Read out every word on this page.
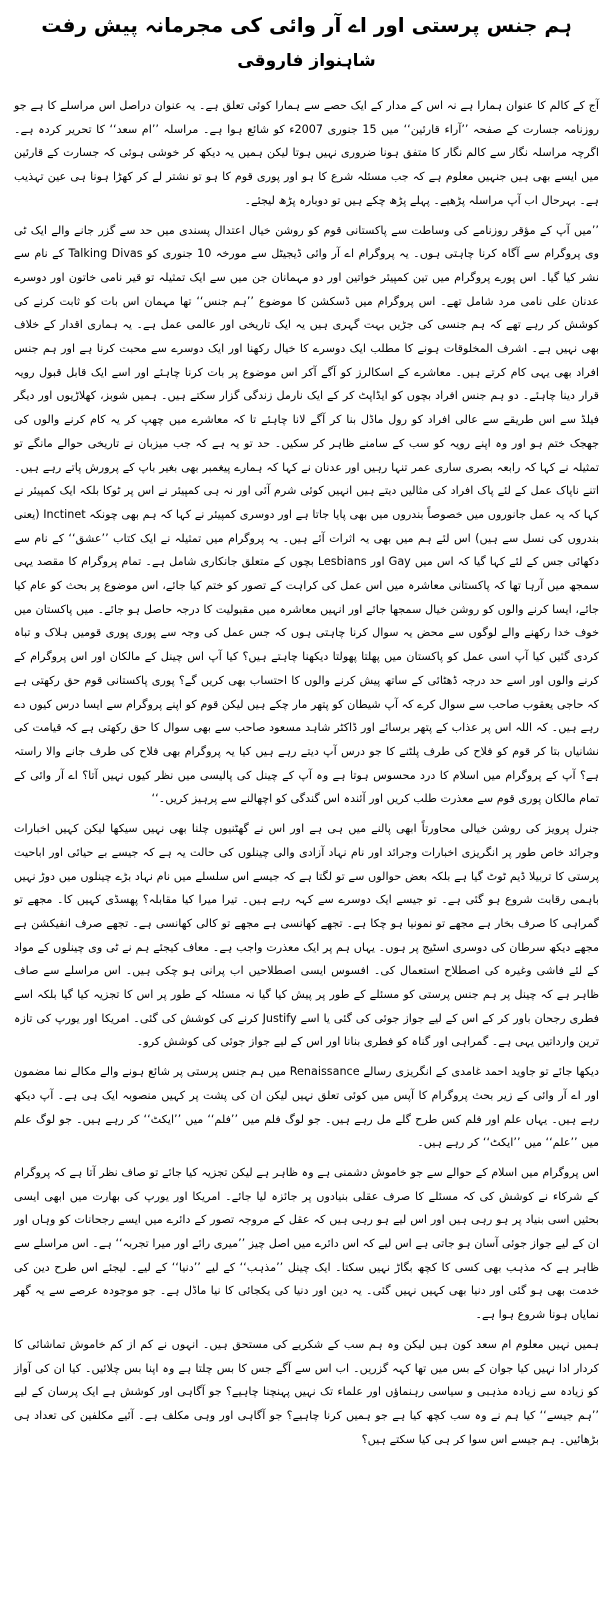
ہم جنس پرستی اور اے آر وائی کی مجرمانہ پیش رفت
شاہنواز فاروقی

آج کے کالم کا عنوان ہمارا ہے نہ اس کے مدار کے ایک حصے سے ہمارا کوئی تعلق ہے۔ یہ عنوان دراصل اس مراسلے کا ہے جو روزنامہ جسارت کے صفحہ ’’آراء قارئین‘‘ میں 15 جنوری 2007ء کو شائع ہوا ہے۔ مراسلہ ’’ام سعد‘‘ کا تحریر کردہ ہے۔ اگرچہ مراسلہ نگار سے کالم نگار کا متفق ہونا ضروری نہیں ہوتا لیکن ہمیں یہ دیکھ کر خوشی ہوئی کہ جسارت کے قارئین میں ایسے بھی ہیں جنہیں معلوم ہے کہ جب مسئلہ شرع کا ہو اور پوری قوم کا ہو تو نشتر لے کر کھڑا ہونا ہی عین تہذیب ہے۔ بہرحال اب آپ مراسلہ پڑھیے۔ پہلے پڑھ چکے ہیں تو دوبارہ پڑھ لیجئے۔

’’میں آپ کے مؤقر روزنامے کی وساطت سے پاکستانی قوم کو روشن خیال اعتدال پسندی میں حد سے گزر جانے والے ایک ٹی وی پروگرام سے آگاہ کرنا چاہتی ہوں۔ یہ پروگرام اے آر وائی ڈیجیٹل سے مورخہ 10 جنوری کو Talking Divas کے نام سے نشر کیا گیا۔ اس پورے پروگرام میں تین کمپیئر خواتین اور دو مہمانان جن میں سے ایک تمثیلہ تو قیر نامی خاتون اور دوسرے عدنان علی نامی مرد شامل تھے۔ اس پروگرام میں ڈسکشن کا موضوع ’’ہم جنس‘‘ تھا مہمان اس بات کو ثابت کرنے کی کوشش کر رہے تھے کہ ہم جنسی کی جڑیں بہت گہری ہیں یہ ایک تاریخی اور عالمی عمل ہے۔ یہ ہماری اقدار کے خلاف بھی نہیں ہے۔ اشرف المخلوقات ہونے کا مطلب ایک دوسرے کا خیال رکھنا اور ایک دوسرے سے محبت کرنا ہے اور ہم جنس افراد بھی یہی کام کرتے ہیں۔ معاشرے کے اسکالرز کو آگے آکر اس موضوع پر بات کرنا چاہئے اور اسے ایک قابل قبول رویہ قرار دینا چاہئے۔ دو ہم جنس افراد بچوں کو ایڈاپٹ کر کے ایک نارمل زندگی گزار سکتے ہیں۔ ہمیں شوبز، کھلاڑیوں اور دیگر فیلڈ سے اس طریقے سے عالی افراد کو رول ماڈل بنا کر آگے لانا چاہئے تا کہ معاشرے میں چھپ کر یہ کام کرنے والوں کی جھجک ختم ہو اور وہ اپنے رویہ کو سب کے سامنے ظاہر کر سکیں۔ حد تو یہ ہے کہ جب میزبان نے تاریخی حوالے مانگے تو تمثیلہ نے کہا کہ رابعہ بصری ساری عمر تنہا رہیں اور عدنان نے کہا کہ ہمارے پیغمبر بھی بغیر باپ کے پرورش پاتے رہے ہیں۔ اتنے ناپاک عمل کے لئے پاک افراد کی مثالیں دیتے ہیں انہیں کوئی شرم آئی اور نہ ہی کمپیئر نے اس پر ٹوکا بلکہ ایک کمپیئر نے کہا کہ یہ عمل جانوروں میں خصوصاً بندروں میں بھی پایا جاتا ہے اور دوسری کمپیئر نے کہا کہ ہم بھی چونکہ Inctinet (یعنی بندروں کی نسل سے ہیں) اس لئے ہم میں بھی یہ اثرات آئے ہیں۔ یہ پروگرام میں تمثیلہ نے ایک کتاب ’’عشق‘‘ کے نام سے دکھائی جس کے لئے کہا گیا کہ اس میں Gay اور Lesbians بچوں کے متعلق جانکاری شامل ہے۔ تمام پروگرام کا مقصد یہی سمجھ میں آرہا تھا کہ پاکستانی معاشرہ میں اس عمل کی کراہت کے تصور کو ختم کیا جائے، اس موضوع پر بحث کو عام کیا جائے، ایسا کرنے والوں کو روشن خیال سمجھا جائے اور انہیں معاشرہ میں مقبولیت کا درجہ حاصل ہو جائے۔ میں پاکستان میں خوف خدا رکھنے والے لوگوں سے محض یہ سوال کرنا چاہتی ہوں کہ جس عمل کی وجہ سے پوری پوری قومیں ہلاک و تباہ کردی گئیں کیا آپ اسی عمل کو پاکستان میں پھلتا پھولتا دیکھنا چاہتے ہیں؟ کیا آپ اس چینل کے مالکان اور اس پروگرام کے کرنے والوں اور اسے حد درجہ ڈھٹائی کے ساتھ پیش کرنے والوں کا احتساب بھی کریں گے؟ پوری پاکستانی قوم حق رکھتی ہے کہ حاجی یعقوب صاحب سے سوال کرے کہ آپ شیطان کو پتھر مار چکے ہیں لیکن قوم کو اپنے پروگرام سے ایسا درس کیوں دے رہے ہیں۔ کہ اللہ اس پر عذاب کے پتھر برسائے اور ڈاکٹر شاہد مسعود صاحب سے بھی سوال کا حق رکھتی ہے کہ قیامت کی نشانیاں بتا کر قوم کو فلاح کی طرف پلٹنے کا جو درس آپ دیتے رہے ہیں کیا یہ پروگرام بھی فلاح کی طرف جانے والا راستہ ہے؟ آپ کے پروگرام میں اسلام کا درد محسوس ہوتا ہے وہ آپ کے چینل کی پالیسی میں نظر کیوں نہیں آتا؟ اے آر وائی کے تمام مالکان پوری قوم سے معذرت طلب کریں اور آئندہ اس گندگی کو اچھالنے سے پرہیز کریں۔‘‘

جنرل پرویز کی روشن خیالی محاورتاً ابھی پالنے میں ہی ہے اور اس نے گھٹنیوں چلنا بھی نہیں سیکھا لیکن کہیں اخبارات وجرائد خاص طور پر انگریزی اخبارات وجرائد اور نام نہاد آزادی والی چینلوں کی حالت یہ ہے کہ جیسے بے حیائی اور اباحیت پرستی کا تربیلا ڈیم ٹوٹ گیا ہے بلکہ بعض حوالوں سے تو لگتا ہے کہ جیسے اس سلسلے میں نام نہاد بڑے چینلوں میں دوڑ نہیں باہمی رقابت شروع ہو گئی ہے۔ تو جیسے ایک دوسرے سے کہہ رہے ہیں۔ تیرا میرا کیا مقابلہ؟ پھسڈی کہیں کا۔ مجھے تو گمراہی کا صرف بخار ہے مجھے تو نمونیا ہو چکا ہے۔ تجھے کھانسی ہے مجھے تو کالی کھانسی ہے۔ تجھے صرف انفیکشن ہے مجھے دیکھ سرطان کی دوسری اسٹیج پر ہوں۔ یہاں ہم پر ایک معذرت واجب ہے۔ معاف کیجئے ہم نے ٹی وی چینلوں کے مواد کے لئے فاشی وغیرہ کی اصطلاح استعمال کی۔ افسوس ایسی اصطلاحیں اب پرانی ہو چکی ہیں۔ اس مراسلے سے صاف ظاہر ہے کہ چینل پر ہم جنس پرستی کو مسئلے کے طور پر پیش کیا گیا نہ مسئلہ کے طور پر اس کا تجزیہ کیا گیا بلکہ اسے فطری رجحان باور کر کے اس کے لیے جواز جوئی کی گئی یا اسے Justify کرنے کی کوشش کی گئی۔ امریکا اور یورپ کی تازہ ترین وارداتیں یہی ہے۔ گمراہی اور گناہ کو فطری بنانا اور اس کے لیے جواز جوئی کی کوشش کرو۔

دیکھا جائے تو جاوید احمد غامدی کے انگریزی رسالے Renaissance میں ہم جنس پرستی پر شائع ہونے والے مکالے نما مضمون اور اے آر وائی کے زیر بحث پروگرام کا آپس میں کوئی تعلق نہیں لیکن ان کی پشت پر کہیں منصوبہ ایک ہی ہے۔ آپ دیکھ رہے ہیں۔ یہاں علم اور فلم کس طرح گلے مل رہے ہیں۔ جو لوگ فلم میں ’’فلم‘‘ میں ’’ایکٹ‘‘ کر رہے ہیں۔ جو لوگ علم میں ’’علم‘‘ میں ’’ایکٹ‘‘ کر رہے ہیں۔

اس پروگرام میں اسلام کے حوالے سے جو خاموش دشمنی ہے وہ ظاہر ہے لیکن تجزیہ کیا جائے تو صاف نظر آتا ہے کہ پروگرام کے شرکاء نے کوشش کی کہ مسئلے کا صرف عقلی بنیادوں پر جائزہ لیا جائے۔ امریکا اور یورپ کی بھارت میں ابھی ایسی بحثیں اسی بنیاد پر ہو رہی ہیں اور اس لیے ہو رہی ہیں کہ عقل کے مروجہ تصور کے دائرے میں ایسے رجحانات کو وہاں اور ان کے لیے جواز جوئی آسان ہو جاتی ہے اس لیے کہ اس دائرے میں اصل چیز ’’میری رائے اور میرا تجربہ‘‘ ہے۔ اس مراسلے سے ظاہر ہے کہ مذہب بھی کسی کا کچھ بگاڑ نہیں سکتا۔ ایک چینل ’’مذہب‘‘ کے لیے ’’دنیا‘‘ کے لیے۔ لیجئے اس طرح دین کی خدمت بھی ہو گئی اور دنیا بھی کہیں نہیں گئی۔ یہ دین اور دنیا کی یکجائی کا نیا ماڈل ہے۔ جو موجودہ عرصے سے یہ گھر نمایاں ہونا شروع ہوا ہے۔

ہمیں نہیں معلوم ام سعد کون ہیں لیکن وہ ہم سب کے شکریے کی مستحق ہیں۔ انہوں نے کم از کم خاموش تماشائی کا کردار ادا نہیں کیا جوان کے بس میں تھا کہہ گزریں۔ اب اس سے آگے جس کا بس چلتا ہے وہ اپنا بس چلائیں۔ کیا ان کی آواز کو زیادہ سے زیادہ مذہبی و سیاسی رہنماؤں اور علماء تک نہیں پہنچنا چاہیے؟ جو آگاہی اور کوشش ہے ایک پرسان کے لیے ’’ہم جیسے‘‘ کیا ہم نے وہ سب کچھ کیا ہے جو ہمیں کرنا چاہیے؟ جو آگاہی اور وہی مکلف ہے۔ آئیے مکلفین کی تعداد ہی بڑھائیں۔ ہم جیسے اس سوا کر ہی کیا سکتے ہیں؟
